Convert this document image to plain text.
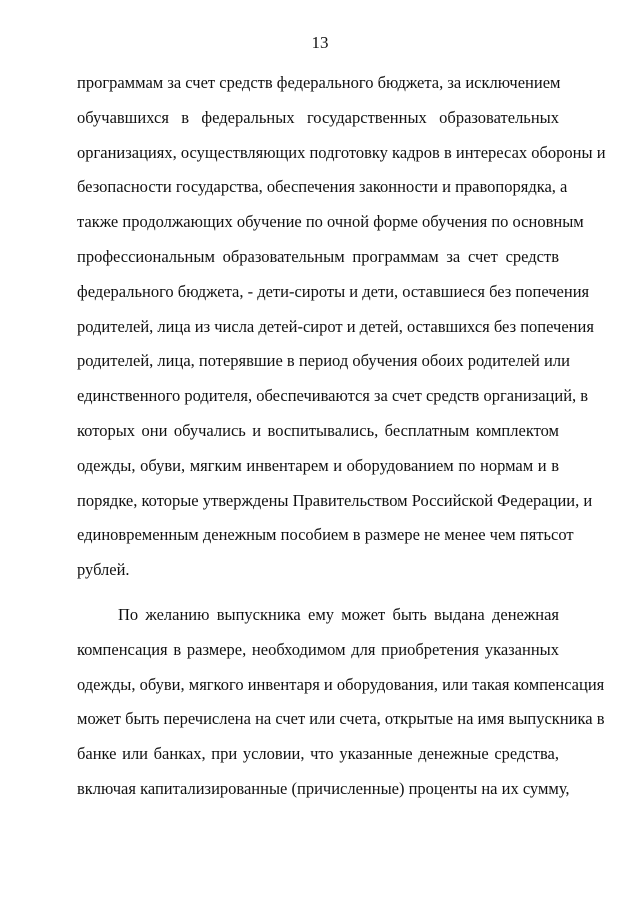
13
программам за счет средств федерального бюджета, за исключением
обучавшихся в федеральных государственных образовательных
организациях, осуществляющих подготовку кадров в интересах обороны и
безопасности государства, обеспечения законности и правопорядка, а
также продолжающих обучение по очной форме обучения по основным
профессиональным образовательным программам за счет средств
федерального бюджета, - дети-сироты и дети, оставшиеся без попечения
родителей, лица из числа детей-сирот и детей, оставшихся без попечения
родителей, лица, потерявшие в период обучения обоих родителей или
единственного родителя, обеспечиваются за счет средств организаций, в
которых они обучались и воспитывались, бесплатным комплектом
одежды, обуви, мягким инвентарем и оборудованием по нормам и в
порядке, которые утверждены Правительством Российской Федерации, и
единовременным денежным пособием в размере не менее чем пятьсот
рублей.
По желанию выпускника ему может быть выдана денежная
компенсация в размере, необходимом для приобретения указанных
одежды, обуви, мягкого инвентаря и оборудования, или такая компенсация
может быть перечислена на счет или счета, открытые на имя выпускника в
банке или банках, при условии, что указанные денежные средства,
включая капитализированные (причисленные) проценты на их сумму,
